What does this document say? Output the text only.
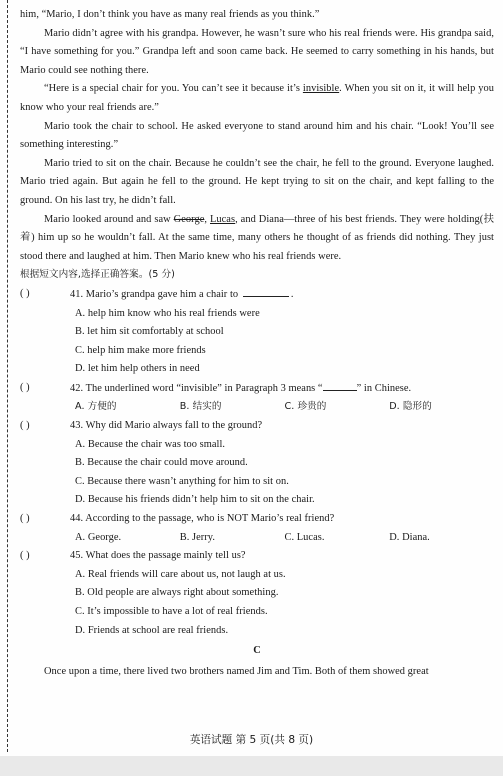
him, “Mario, I don’t think you have as many real friends as you think.”

Mario didn’t agree with his grandpa. However, he wasn’t sure who his real friends were. His grandpa said, “I have something for you.” Grandpa left and soon came back. He seemed to carry something in his hands, but Mario could see nothing there.

“Here is a special chair for you. You can’t see it because it’s invisible. When you sit on it, it will help you know who your real friends are.”

Mario took the chair to school. He asked everyone to stand around him and his chair. “Look! You’ll see something interesting.”

Mario tried to sit on the chair. Because he couldn’t see the chair, he fell to the ground. Everyone laughed. Mario tried again. But again he fell to the ground. He kept trying to sit on the chair, and kept falling to the ground. On his last try, he didn’t fall.

Mario looked around and saw George, Lucas, and Diana—three of his best friends. They were holding(扶着) him up so he wouldn’t fall. At the same time, many others he thought of as friends did nothing. They just stood there and laughed at him. Then Mario knew who his real friends were.

根据短文内容,选择正确答案。(5 分)

( )	41. Mario’s grandpa gave him a chair to	.

A. help him know who his real friends were

B. let him sit comfortably at school

C. help him make more friends

D. let him help others in need

( )	42. The underlined word “invisible” in Paragraph 3 means “	” in Chinese.
A. 方便的	B. 结实的	C. 珍贵的	D. 隐形的
( )	43. Why did Mario always fall to the ground?

A. Because the chair was too small.

B. Because the chair could move around.

C. Because there wasn’t anything for him to sit on.

D. Because his friends didn’t help him to sit on the chair.

( )	44. According to the passage, who is NOT Mario’s real friend?
A. George.	B. Jerry.	C. Lucas.	D. Diana.
( )	45. What does the passage mainly tell us?

A. Real friends will care about us, not laugh at us.

B. Old people are always right about something.

C. It’s impossible to have a lot of real friends.

D. Friends at school are real friends.

C

Once upon a time, there lived two brothers named Jim and Tim. Both of them showed great

英语试题 第 5 页(共 8 页)
